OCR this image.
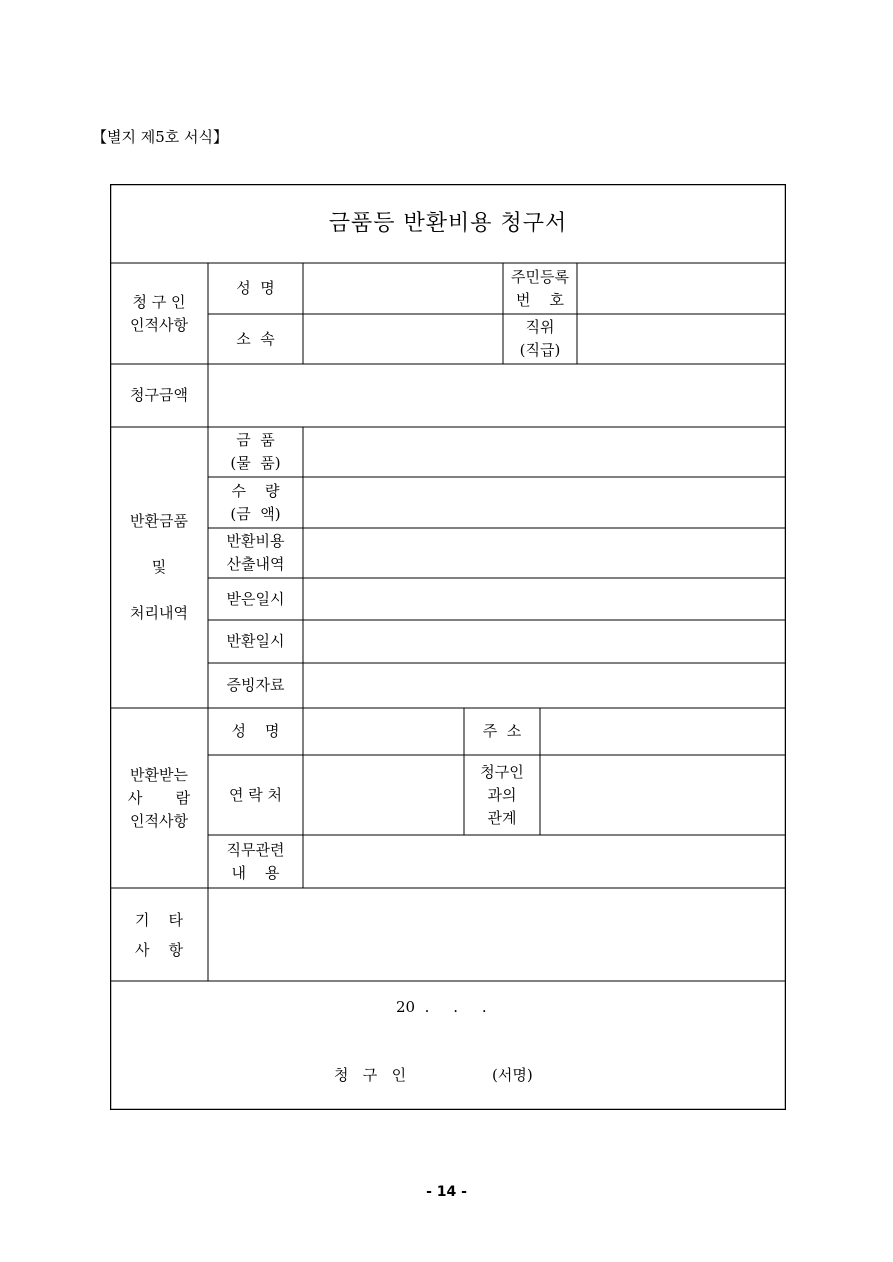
【별지 제5호 서식】
금품등 반환비용 청구서
청 구 인
인적사항
성  명
주민등록
번    호
소  속
직위
(직급)
청구금액
반환금품

및

처리내역
금  품
(물  품)
수    량
(금  액)
반환비용
산출내역
받은일시
반환일시
증빙자료
반환받는
사       람
인적사항
성    명	주  소
연 락 처
청구인
과의
관계
직무관련
내    용
기    타
사    항
20  .     .     .
청   구   인	(서명)
- 14 -
